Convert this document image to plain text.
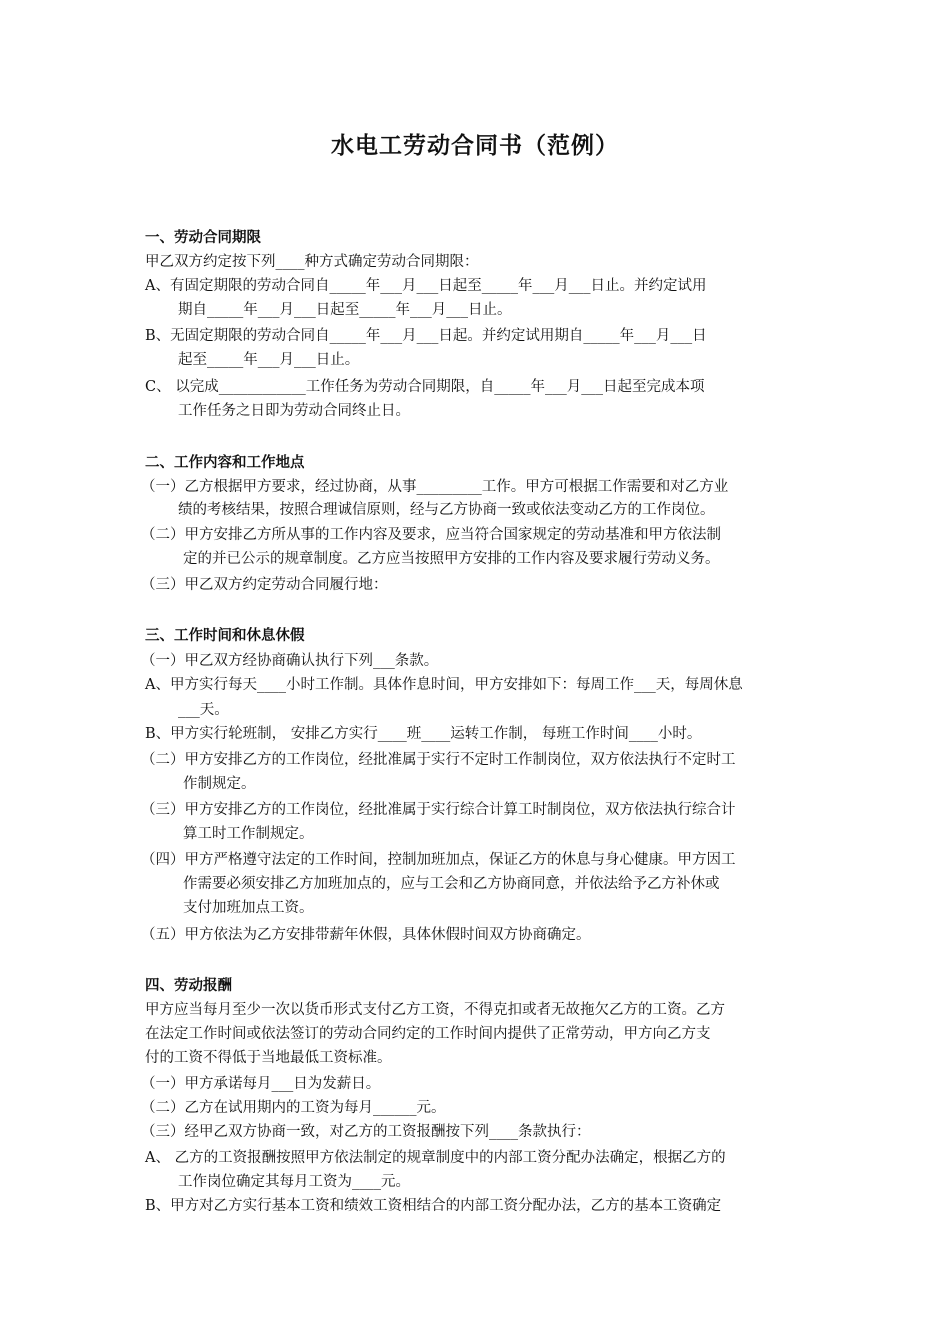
水电工劳动合同书（范例）
一、劳动合同期限
甲乙双方约定按下列____种方式确定劳动合同期限：
A、有固定期限的劳动合同自_____年___月___日起至_____年___月___日止。并约定试用
期自_____年___月___日起至_____年___月___日止。
B、无固定期限的劳动合同自_____年___月___日起。并约定试用期自_____年___月___日
起至_____年___月___日止。
C、 以完成____________工作任务为劳动合同期限，自_____年___月___日起至完成本项
工作任务之日即为劳动合同终止日。
二、工作内容和工作地点
（一）乙方根据甲方要求，经过协商，从事_________工作。甲方可根据工作需要和对乙方业
绩的考核结果，按照合理诚信原则，经与乙方协商一致或依法变动乙方的工作岗位。
（二）甲方安排乙方所从事的工作内容及要求，应当符合国家规定的劳动基准和甲方依法制
定的并已公示的规章制度。乙方应当按照甲方安排的工作内容及要求履行劳动义务。
（三）甲乙双方约定劳动合同履行地：
三、工作时间和休息休假
（一）甲乙双方经协商确认执行下列___条款。
A、甲方实行每天____小时工作制。具体作息时间，甲方安排如下：每周工作___天，每周休息
___天。
B、甲方实行轮班制， 安排乙方实行____班____运转工作制， 每班工作时间____小时。
（二）甲方安排乙方的工作岗位，经批准属于实行不定时工作制岗位，双方依法执行不定时工
作制规定。
（三）甲方安排乙方的工作岗位，经批准属于实行综合计算工时制岗位，双方依法执行综合计
算工时工作制规定。
（四）甲方严格遵守法定的工作时间，控制加班加点，保证乙方的休息与身心健康。甲方因工
作需要必须安排乙方加班加点的，应与工会和乙方协商同意，并依法给予乙方补休或
支付加班加点工资。
（五）甲方依法为乙方安排带薪年休假，具体休假时间双方协商确定。
四、劳动报酬
甲方应当每月至少一次以货币形式支付乙方工资，不得克扣或者无故拖欠乙方的工资。乙方
在法定工作时间或依法签订的劳动合同约定的工作时间内提供了正常劳动，甲方向乙方支
付的工资不得低于当地最低工资标准。
（一）甲方承诺每月___日为发薪日。
（二）乙方在试用期内的工资为每月______元。
（三）经甲乙双方协商一致，对乙方的工资报酬按下列____条款执行：
A、 乙方的工资报酬按照甲方依法制定的规章制度中的内部工资分配办法确定，根据乙方的
工作岗位确定其每月工资为____元。
B、甲方对乙方实行基本工资和绩效工资相结合的内部工资分配办法，乙方的基本工资确定
